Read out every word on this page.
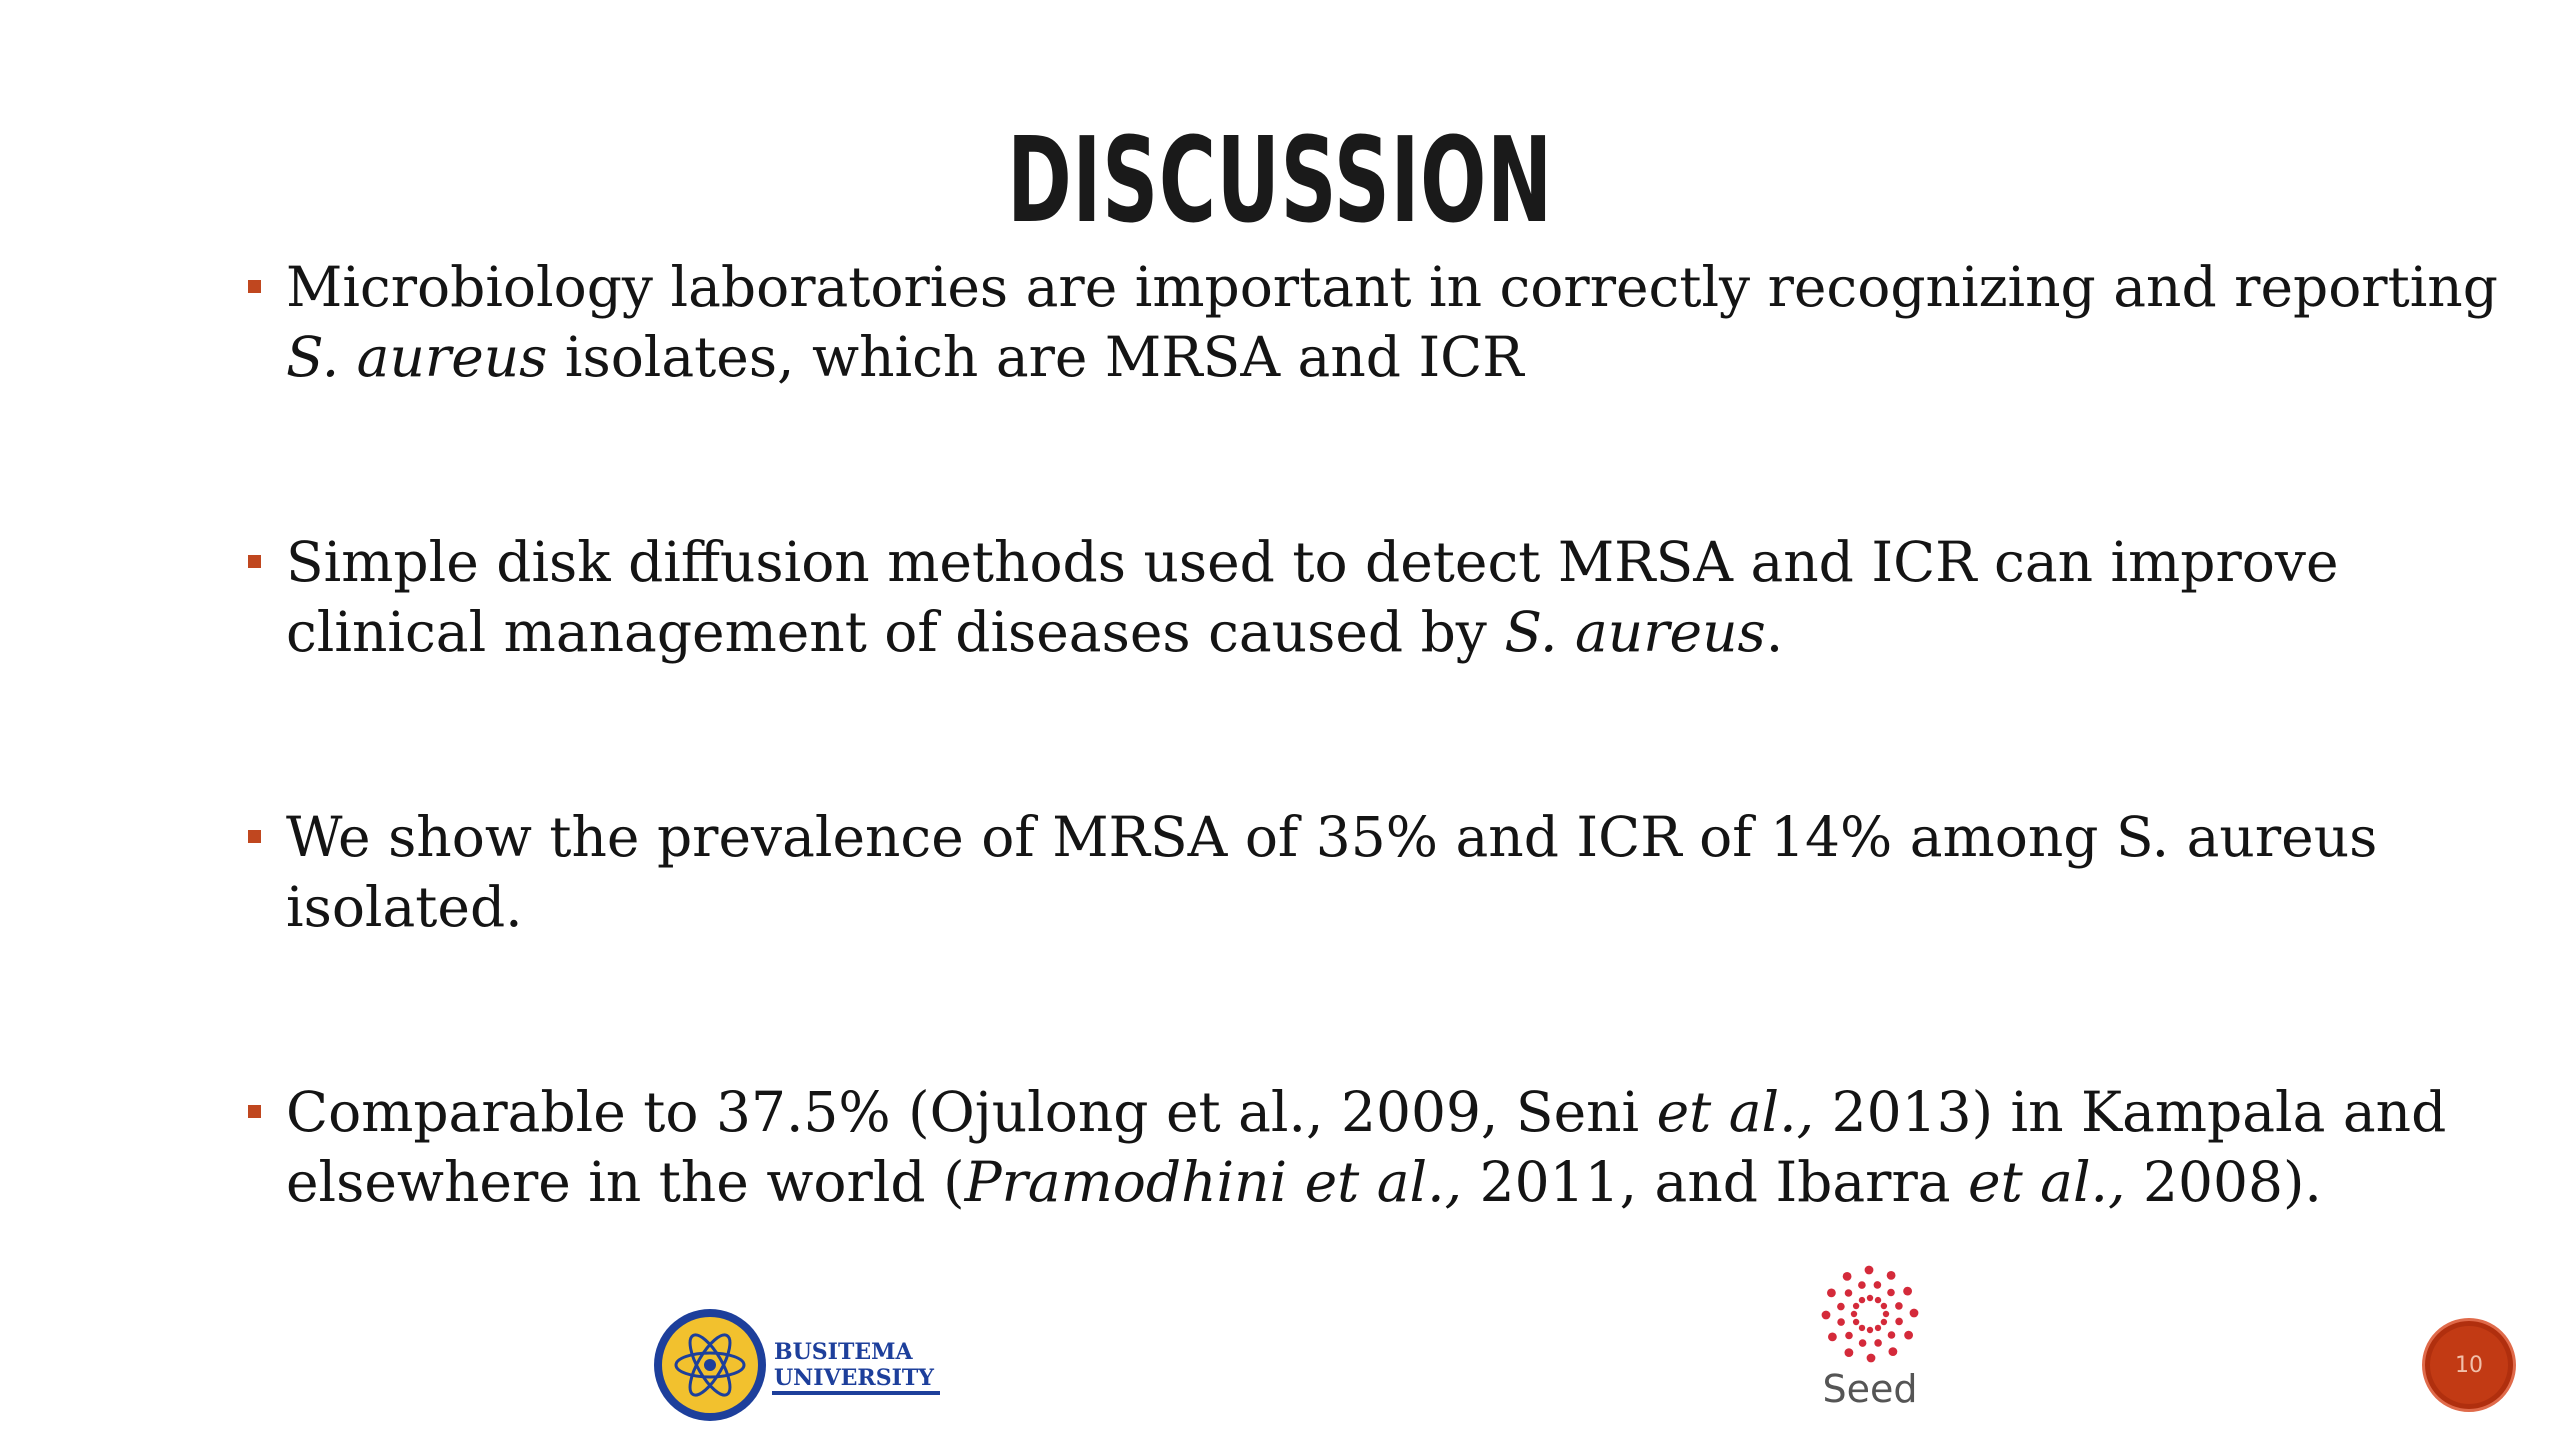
DISCUSSION
Microbiology laboratories are important in correctly recognizing and reporting S. aureus isolates, which are MRSA and ICR
Simple disk diffusion methods used to detect MRSA and ICR can improve clinical management of diseases caused by S. aureus.
We show the prevalence of MRSA of 35% and ICR of 14% among S. aureus isolated.
Comparable to 37.5% (Ojulong et al., 2009, Seni et al., 2013) in Kampala and elsewhere in the world (Pramodhini et al., 2011, and Ibarra et al., 2008).
BUSITEMA
UNIVERSITY	Seed
10
